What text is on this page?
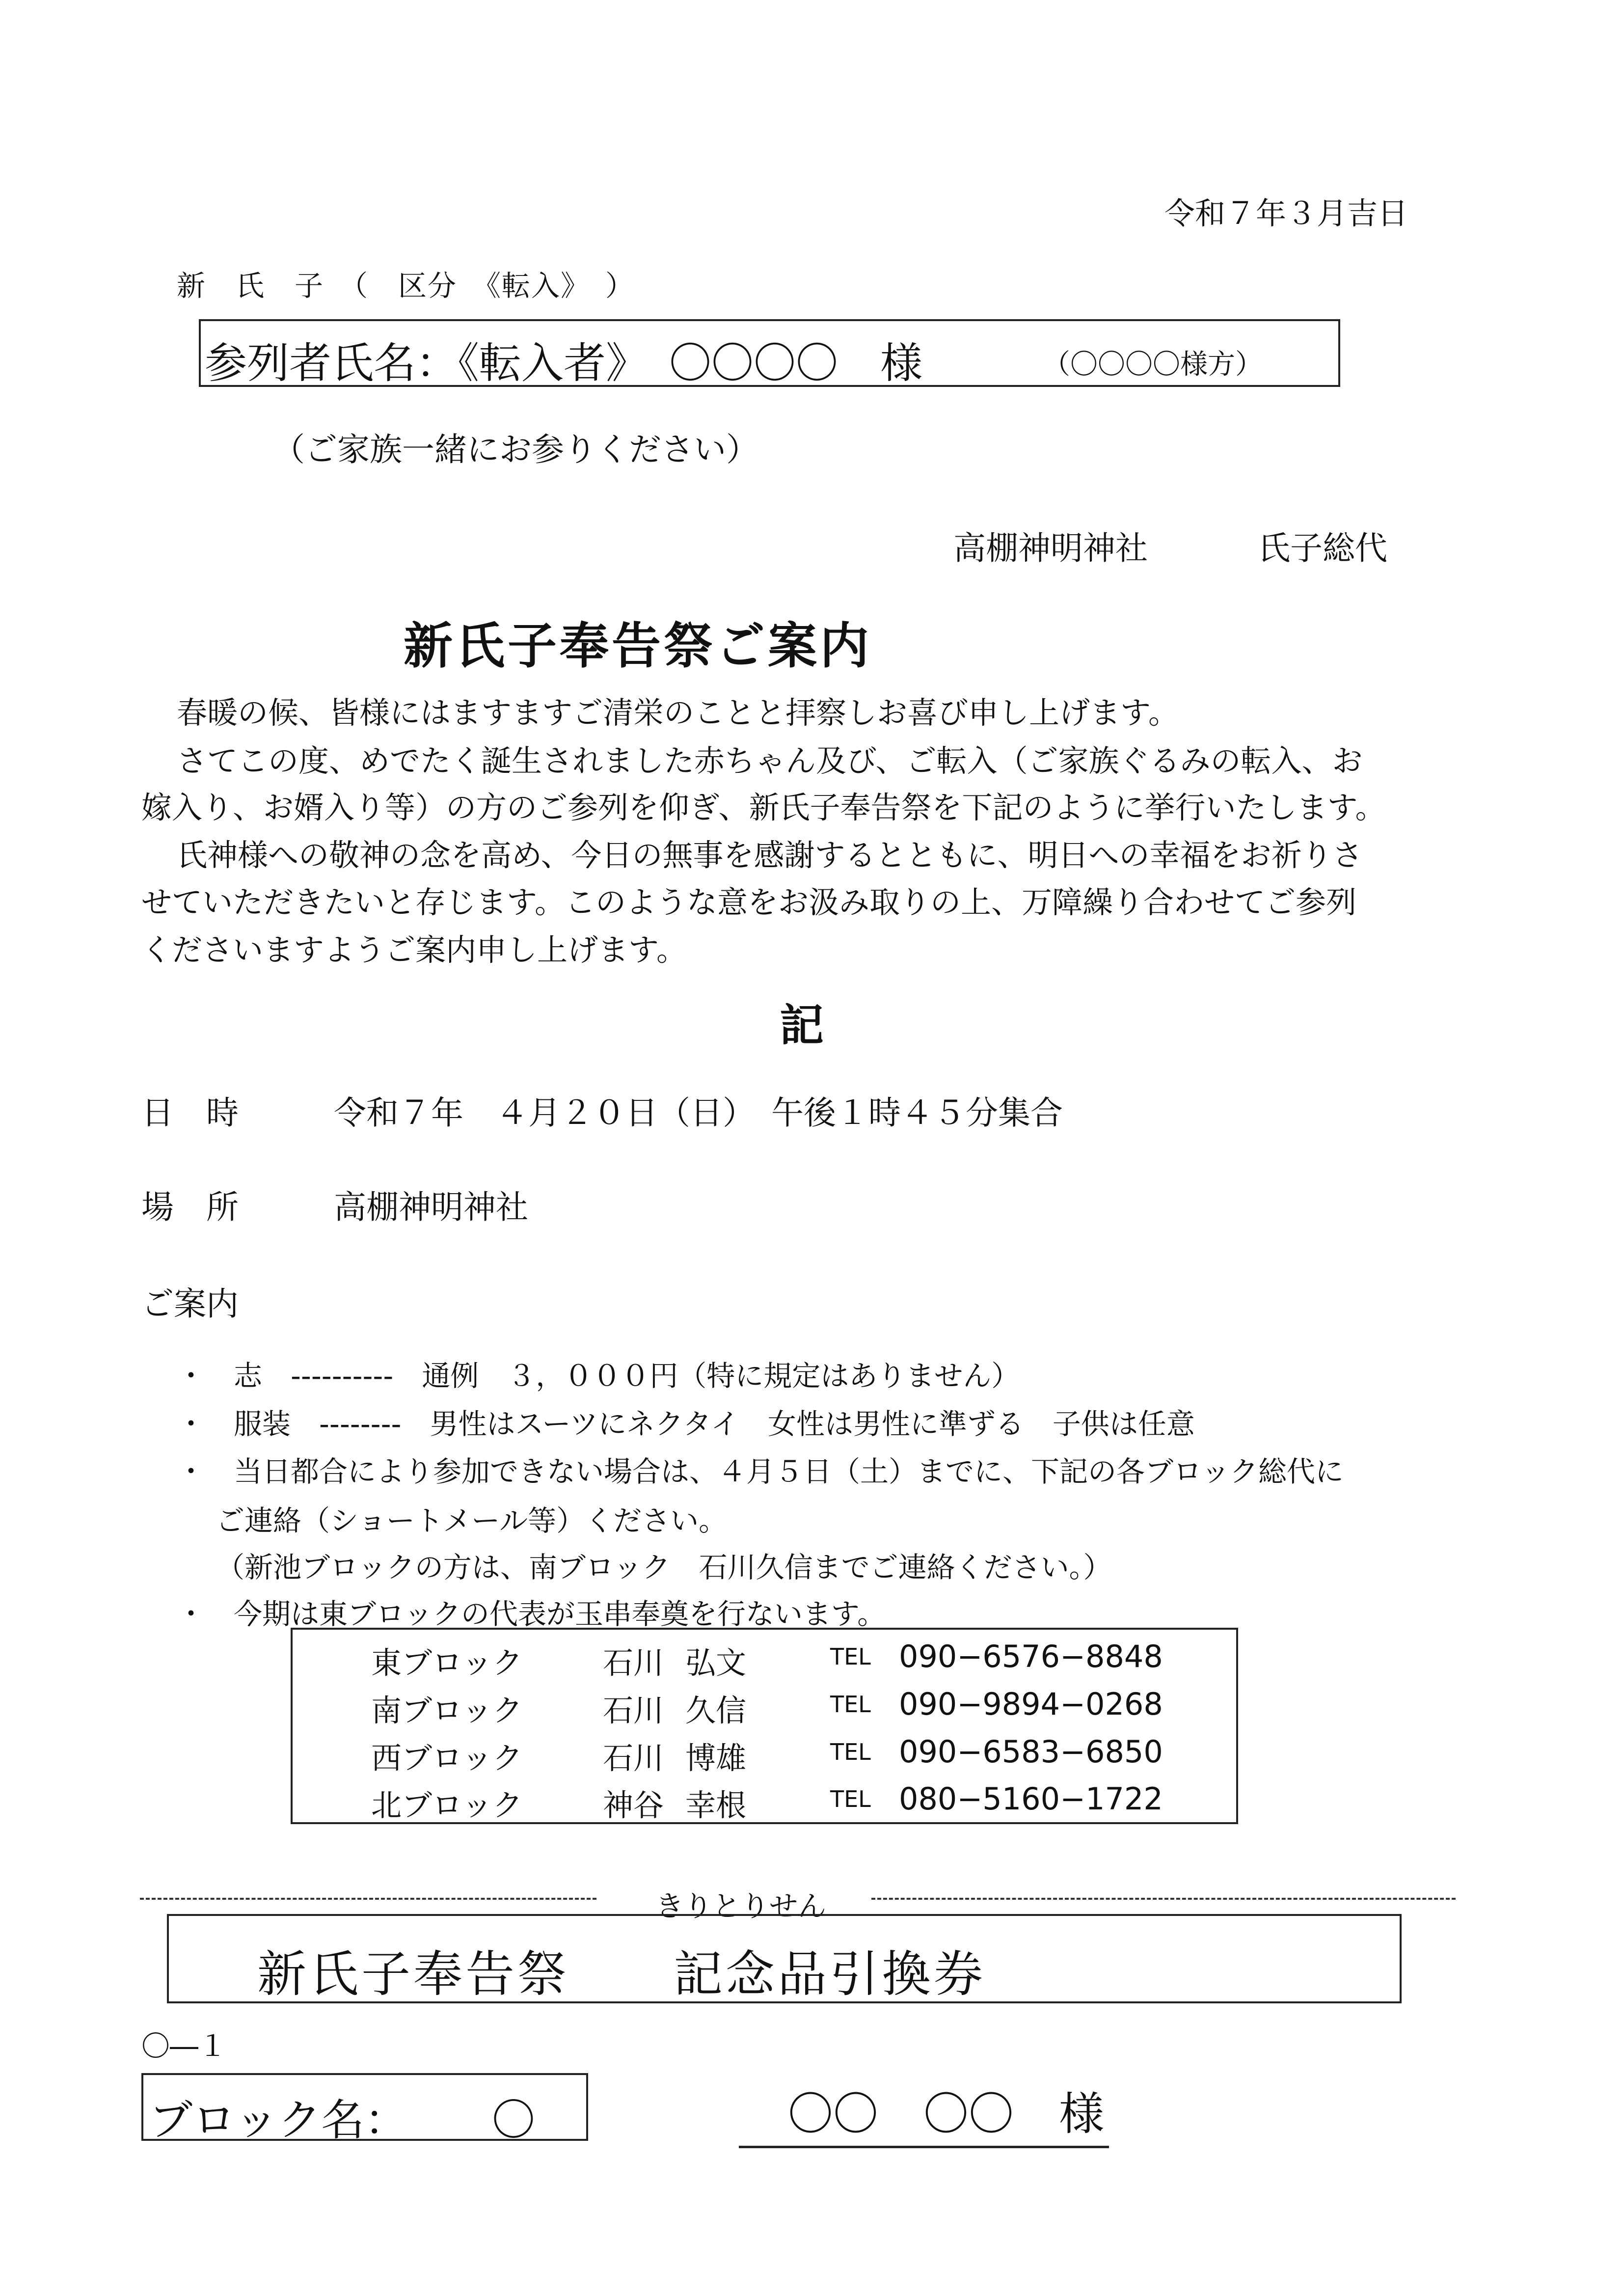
令和７年３月吉日
新　氏　子　（　区分　《転入》　）
参列者氏名：《転入者》　〇〇〇〇　様	（〇〇〇〇様方）
（ご家族一緒にお参りください）
高棚神明神社	氏子総代
新氏子奉告祭ご案内
春暖の候、皆様にはますますご清栄のことと拝察しお喜び申し上げます。
さてこの度、めでたく誕生されました赤ちゃん及び、ご転入（ご家族ぐるみの転入、お
嫁入り、お婿入り等）の方のご参列を仰ぎ、新氏子奉告祭を下記のように挙行いたします。
氏神様への敬神の念を高め、今日の無事を感謝するとともに、明日への幸福をお祈りさ
せていただきたいと存じます。このような意をお汲み取りの上、万障繰り合わせてご参列
くださいますようご案内申し上げます。
記
日　時	令和７年　４月２０日（日）　午後１時４５分集合
場　所	高棚神明神社
ご案内
・　志　----------　通例　３，０００円（特に規定はありません）
・　服装　--------　男性はスーツにネクタイ　女性は男性に準ずる　子供は任意
・　当日都合により参加できない場合は、４月５日（土）までに、下記の各ブロック総代に
ご連絡（ショートメール等）ください。
（新池ブロックの方は、南ブロック　石川久信までご連絡ください。）
・　今期は東ブロックの代表が玉串奉奠を行ないます。
東ブロック	石川 弘文	TEL 090−6576−8848
南ブロック	石川 久信	TEL 090−9894−0268
西ブロック	石川 博雄	TEL 090−6583−6850
北ブロック	神谷 幸根	TEL 080−5160−1722
きりとりせん
新氏子奉告祭　　記念品引換券
〇―１
ブロック名： 〇	〇〇　〇〇　様
